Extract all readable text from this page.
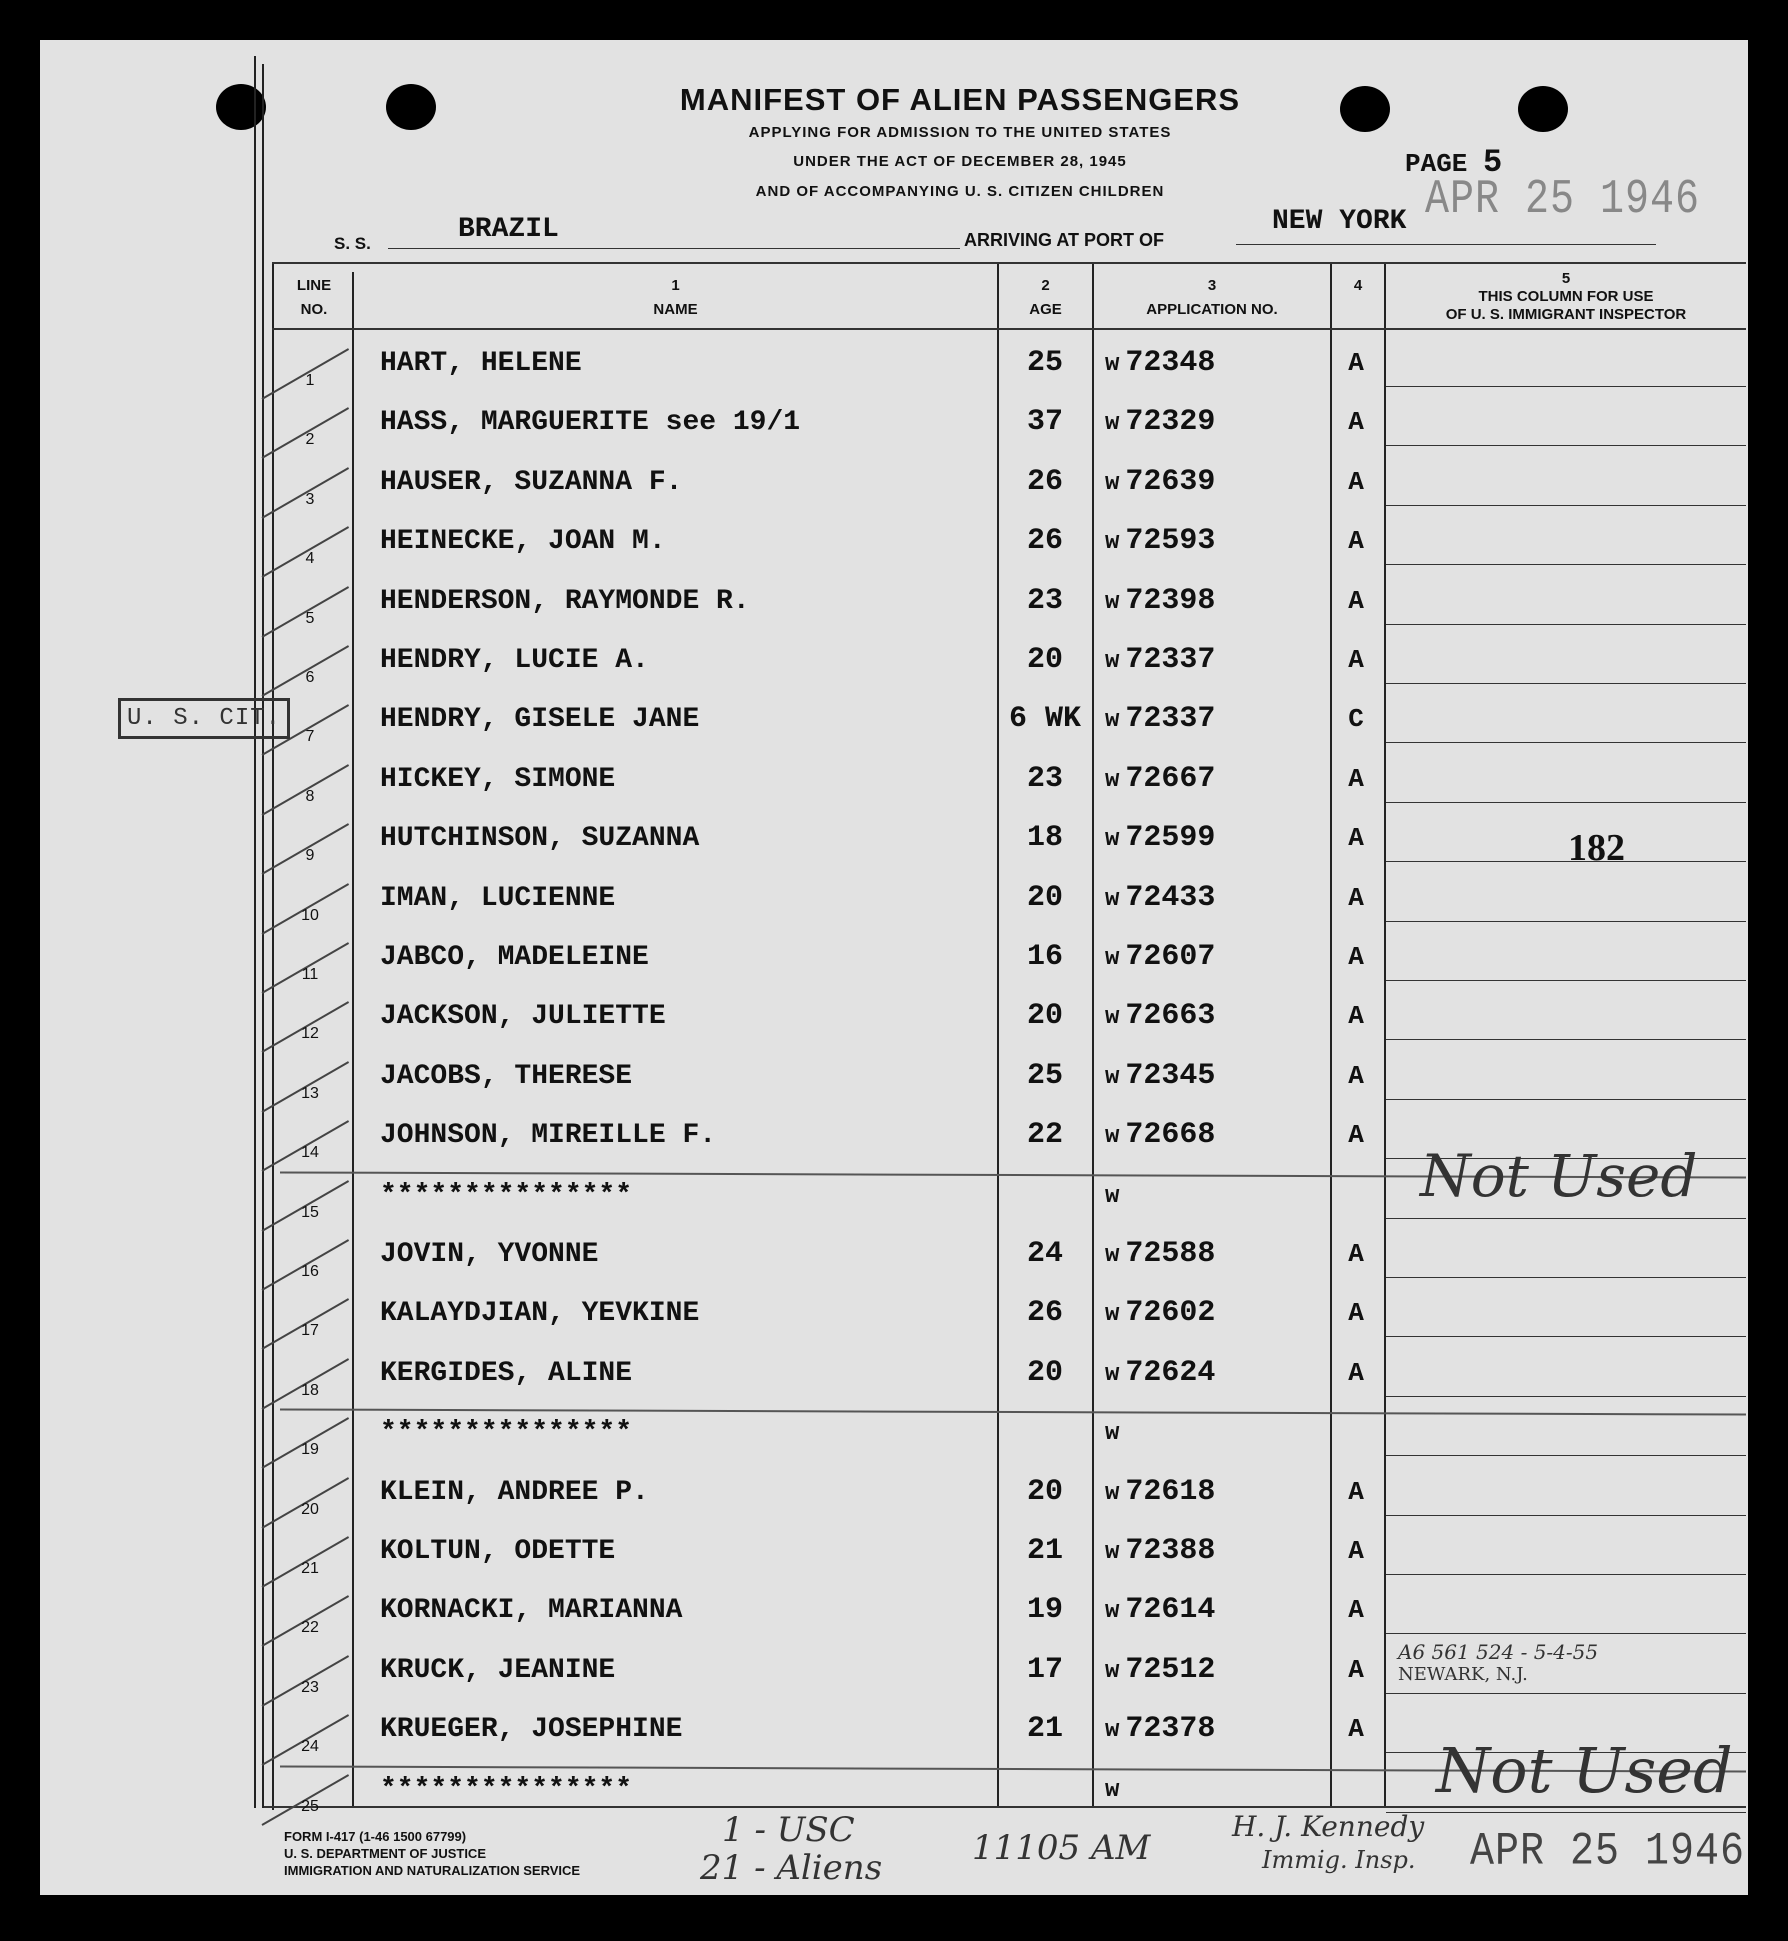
MANIFEST OF ALIEN PASSENGERS
APPLYING FOR ADMISSION TO THE UNITED STATES
UNDER THE ACT OF DECEMBER 28, 1945
AND OF ACCOMPANYING U. S. CITIZEN CHILDREN
PAGE 5
APR 25 1946
S. S.	BRAZIL	ARRIVING AT PORT OF
NEW YORK
LINE
NO.
1
NAME
2
AGE
3
APPLICATION NO.
4	5
THIS COLUMN FOR USE
OF U. S. IMMIGRANT INSPECTOR
1
HART, HELENE	25	w 72348	A
2
HASS, MARGUERITE see 19/1	37	w 72329	A
3
HAUSER, SUZANNA F.	26	w 72639	A
4
HEINECKE, JOAN M.	26	w 72593	A
5
HENDERSON, RAYMONDE R.	23	w 72398	A
6
HENDRY, LUCIE A.	20	w 72337	A
7
HENDRY, GISELE JANE	6 WK w 72337	C
8
HICKEY, SIMONE	23	w 72667	A
9
HUTCHINSON, SUZANNA	18	w 72599	A
10
IMAN, LUCIENNE	20	w 72433	A
11
JABCO, MADELEINE	16	w 72607	A
12
JACKSON, JULIETTE	20	w 72663	A
13
JACOBS, THERESE	25	w 72345	A
14
JOHNSON, MIREILLE F.	22	w 72668	A
15
***************	w
16
JOVIN, YVONNE	24	w 72588	A
17
KALAYDJIAN, YEVKINE	26	w 72602	A
18
KERGIDES, ALINE	20	w 72624	A
19
***************	w
20
KLEIN, ANDREE P.	20	w 72618	A
21
KOLTUN, ODETTE	21	w 72388	A
22
KORNACKI, MARIANNA	19	w 72614	A
23
KRUCK, JEANINE	17	w 72512	A
24
KRUEGER, JOSEPHINE	21	w 72378	A
25
***************	w
U. S. CIT.
182
Not Used
Not Used
A6 561 524 - 5-4-55
NEWARK, N.J.
1 - USC
21 - Aliens	11105 AM
H. J. Kennedy
Immig. Insp. APR 25 1946
FORM I-417 (1-46 1500 67799)
U. S. DEPARTMENT OF JUSTICE
IMMIGRATION AND NATURALIZATION SERVICE
